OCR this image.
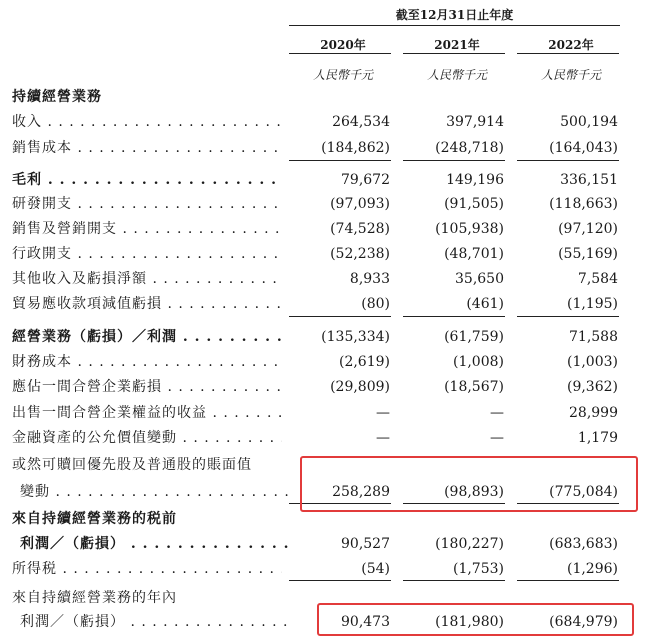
截至12月31日止年度
2020年	2021年	2022年
人民幣千元	人民幣千元	人民幣千元
持續經營業務
收入 . . .	264,534	397,914	500,194
銷售成本 . . .	(184,862)	(248,718)	(164,043)
毛利 . . .	79,672	149,196	336,151
研發開支 . . .	(97,093)	(91,505)	(118,663)
銷售及營銷開支 . . .	(74,528)	(105,938)	(97,120)
行政開支 . . .	(52,238)	(48,701)	(55,169)
其他收入及虧損淨額 . . .	8,933	35,650	7,584
貿易應收款項減值虧損 . . .	(80)	(461)	(1,195)
經營業務（虧損）／利潤 . . .	(135,334)	(61,759)	71,588
財務成本 . . .	(2,619)	(1,008)	(1,003)
應佔一間合營企業虧損 . . .	(29,809)	(18,567)	(9,362)
出售一間合營企業權益的收益 . . .	—	—	28,999
金融資產的公允價值變動 . . .	—	—	1,179
或然可贖回優先股及普通股的賬面值
變動 . . .	258,289	(98,893)	(775,084)
來自持續經營業務的税前
利潤／（虧損） . . .	90,527	(180,227)	(683,683)
所得税 . . .	(54)	(1,753)	(1,296)
來自持續經營業務的年內
利潤／（虧損） . . .	90,473	(181,980)	(684,979)
